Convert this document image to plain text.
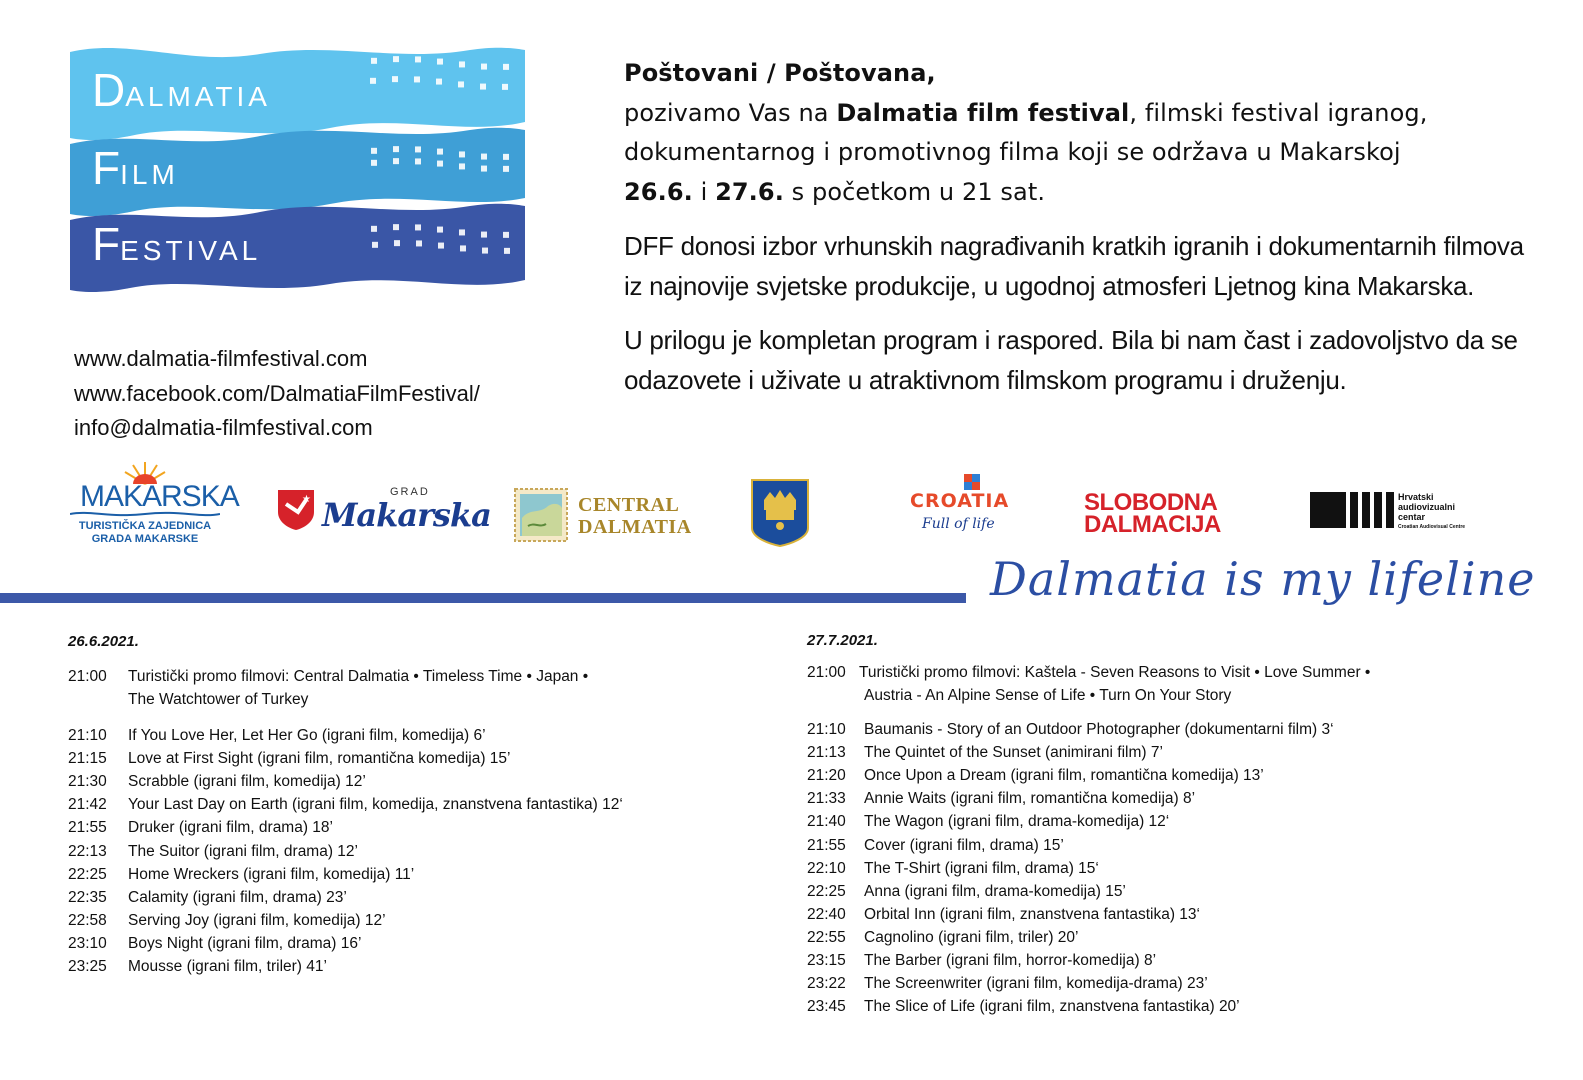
DALMATIA
FILM
FESTIVAL
www.dalmatia-filmfestival.com
www.facebook.com/DalmatiaFilmFestival/
info@dalmatia-filmfestival.com

Poštovani / Poštovana,

pozivamo Vas na Dalmatia film festival, filmski festival igranog,
dokumentarnog i promotivnog filma koji se održava u Makarskoj
26.6. i 27.6. s početkom u 21 sat.

DFF donosi izbor vrhunskih nagrađivanih kratkih igranih i dokumentarnih filmova iz najnovije svjetske produkcije, u ugodnoj atmosferi Ljetnog kina Makarska.

U prilogu je kompletan program i raspored. Bila bi nam čast i zadovoljstvo da se odazovete i uživate u atraktivnom filmskom programu i druženju.

MAKARSKA
TURISTIČKA ZAJEDNICA
GRADA MAKARSKE
★
GRAD
Makarska	CENTRAL
DALMATIA
CROATIA
Full of life
SLOBODNA
DALMACIJA
Hrvatski
audiovizualni
centar
Croatian Audiovisual Centre
Dalmatia is my lifeline
26.6.2021.
21:00 Turistički promo filmovi: Central Dalmatia • Timeless Time • Japan •
The Watchtower of Turkey
21:10 If You Love Her, Let Her Go (igrani film, komedija) 6’
21:15 Love at First Sight (igrani film, romantična komedija) 15’
21:30 Scrabble (igrani film, komedija) 12’
21:42 Your Last Day on Earth (igrani film, komedija, znanstvena fantastika) 12‘
21:55 Druker (igrani film, drama) 18’
22:13 The Suitor (igrani film, drama) 12’
22:25 Home Wreckers (igrani film, komedija) 11’
22:35 Calamity (igrani film, drama) 23’
22:58 Serving Joy (igrani film, komedija) 12’
23:10 Boys Night (igrani film, drama) 16’
23:25 Mousse (igrani film, triler) 41’
27.7.2021.
21:00 Turistički promo filmovi: Kaštela - Seven Reasons to Visit • Love Summer •
Austria - An Alpine Sense of Life • Turn On Your Story
21:10 Baumanis - Story of an Outdoor Photographer (dokumentarni film) 3‘
21:13 The Quintet of the Sunset (animirani film) 7’
21:20 Once Upon a Dream (igrani film, romantična komedija) 13’
21:33 Annie Waits (igrani film, romantična komedija) 8’
21:40 The Wagon (igrani film, drama-komedija) 12‘
21:55 Cover (igrani film, drama) 15’
22:10 The T-Shirt (igrani film, drama) 15‘
22:25 Anna (igrani film, drama-komedija) 15’
22:40 Orbital Inn (igrani film, znanstvena fantastika) 13‘
22:55 Cagnolino (igrani film, triler) 20’
23:15 The Barber (igrani film, horror-komedija) 8’
23:22 The Screenwriter (igrani film, komedija-drama) 23’
23:45 The Slice of Life (igrani film, znanstvena fantastika) 20’
